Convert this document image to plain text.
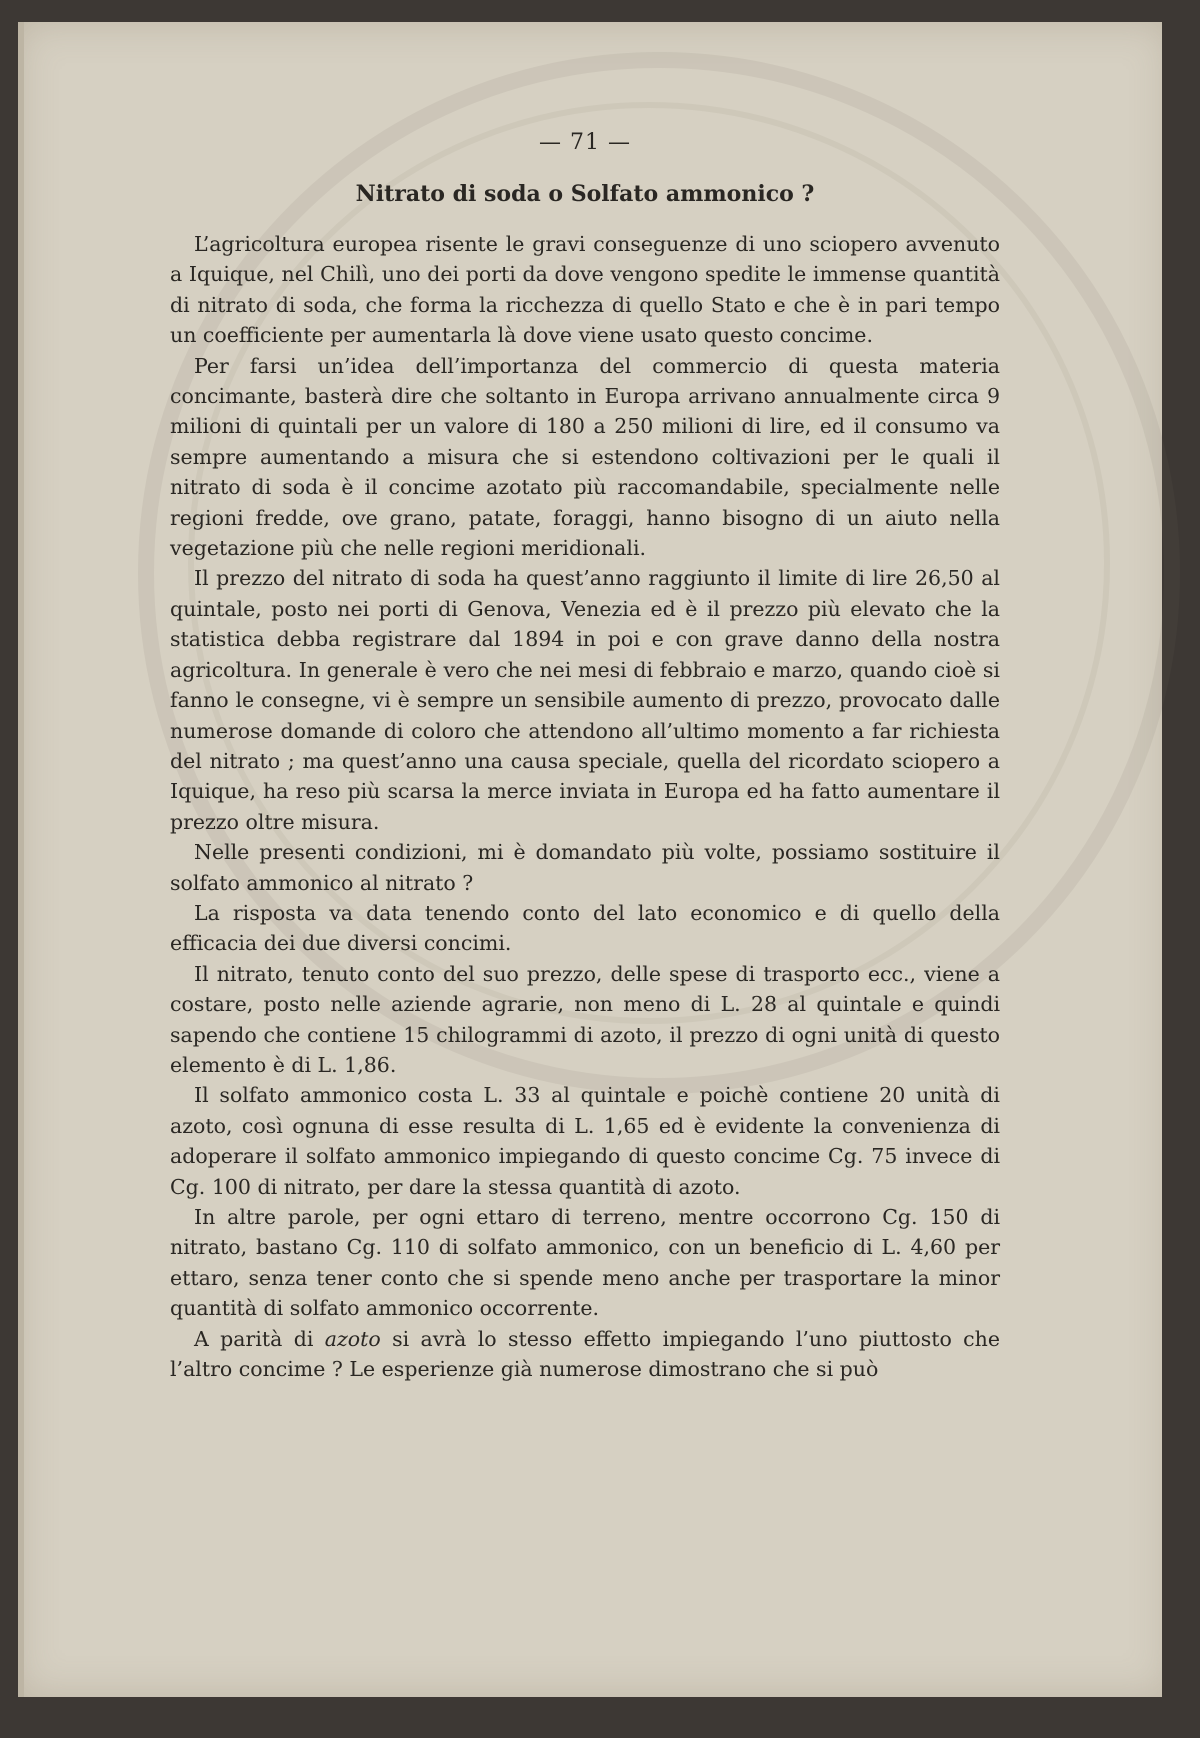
— 71 —
Nitrato di soda o Solfato ammonico ?

L’agricoltura europea risente le gravi conseguenze di uno sciopero avvenuto a Iquique, nel Chilì, uno dei porti da dove vengono spedite le immense quantità di nitrato di soda, che forma la ricchezza di quello Stato e che è in pari tempo un coefficiente per aumentarla là dove viene usato questo concime.

Per farsi un’idea dell’importanza del commercio di questa materia concimante, basterà dire che soltanto in Europa arrivano annualmente circa 9 milioni di quintali per un valore di 180 a 250 milioni di lire, ed il consumo va sempre aumentando a misura che si estendono coltivazioni per le quali il nitrato di soda è il concime azotato più raccomandabile, specialmente nelle regioni fredde, ove grano, patate, foraggi, hanno bisogno di un aiuto nella vegetazione più che nelle regioni meridionali.

Il prezzo del nitrato di soda ha quest’anno raggiunto il limite di lire 26,50 al quintale, posto nei porti di Genova, Venezia ed è il prezzo più elevato che la statistica debba registrare dal 1894 in poi e con grave danno della nostra agricoltura. In generale è vero che nei mesi di febbraio e marzo, quando cioè si fanno le consegne, vi è sempre un sensibile aumento di prezzo, provocato dalle numerose domande di coloro che attendono all’ultimo momento a far richiesta del nitrato ; ma quest’anno una causa speciale, quella del ricordato sciopero a Iquique, ha reso più scarsa la merce inviata in Europa ed ha fatto aumentare il prezzo oltre misura.

Nelle presenti condizioni, mi è domandato più volte, possiamo sostituire il solfato ammonico al nitrato ?

La risposta va data tenendo conto del lato economico e di quello della efficacia dei due diversi concimi.

Il nitrato, tenuto conto del suo prezzo, delle spese di trasporto ecc., viene a costare, posto nelle aziende agrarie, non meno di L. 28 al quintale e quindi sapendo che contiene 15 chilogrammi di azoto, il prezzo di ogni unità di questo elemento è di L. 1,86.

Il solfato ammonico costa L. 33 al quintale e poichè contiene 20 unità di azoto, così ognuna di esse resulta di L. 1,65 ed è evidente la convenienza di adoperare il solfato ammonico impiegando di questo concime Cg. 75 invece di Cg. 100 di nitrato, per dare la stessa quantità di azoto.

In altre parole, per ogni ettaro di terreno, mentre occorrono Cg. 150 di nitrato, bastano Cg. 110 di solfato ammonico, con un beneficio di L. 4,60 per ettaro, senza tener conto che si spende meno anche per trasportare la minor quantità di solfato ammonico occorrente.

A parità di azoto si avrà lo stesso effetto impiegando l’uno piuttosto che l’altro concime ? Le esperienze già numerose dimostrano che si può
